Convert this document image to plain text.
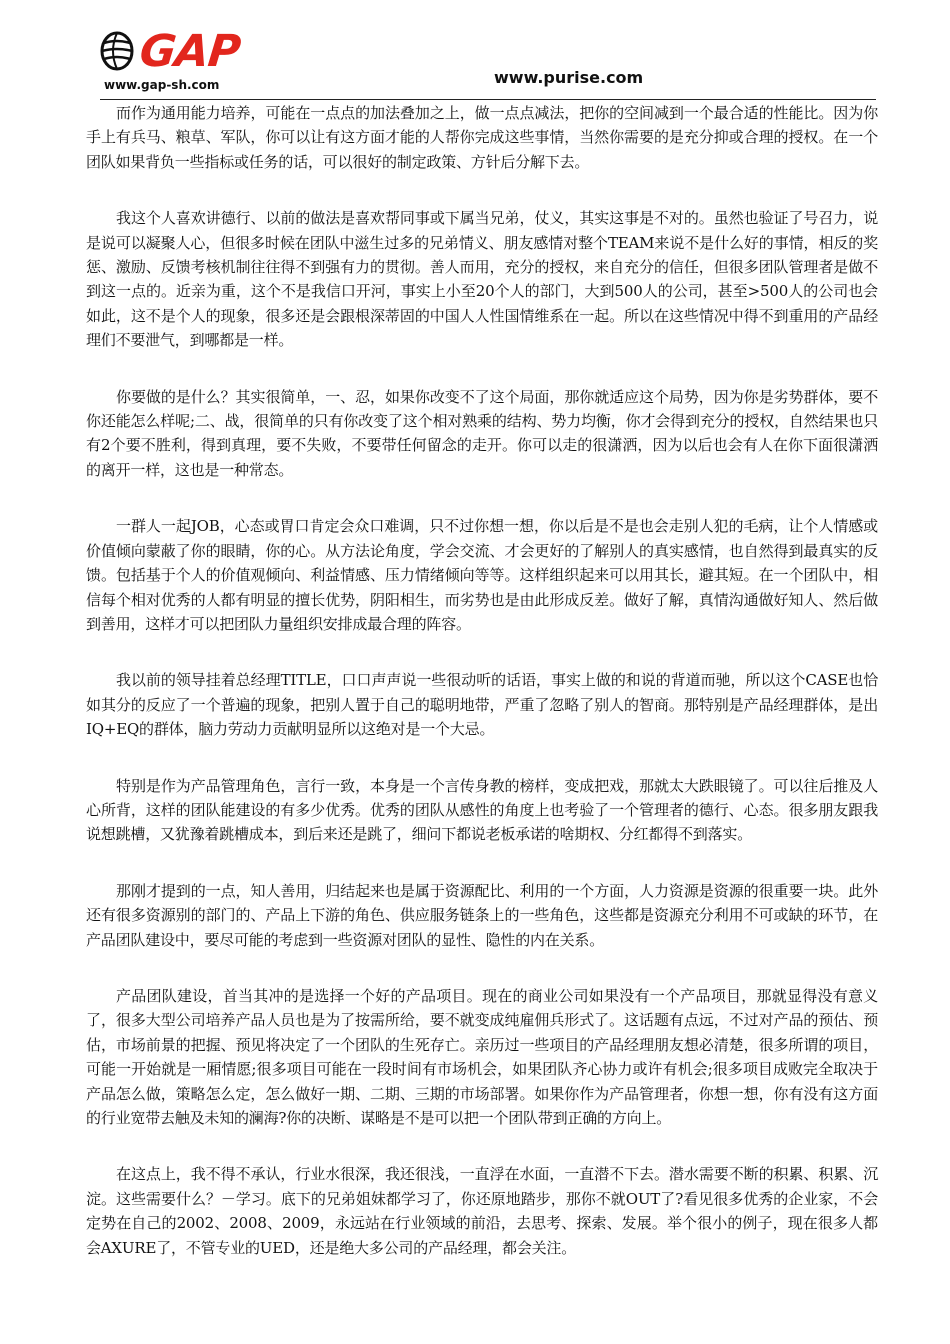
GAP
www.gap-sh.com	www.purise.com

而作为通用能力培养，可能在一点点的加法叠加之上，做一点点减法，把你的空间减到一个最合适的性能比。因为你手上有兵马、粮草、军队，你可以让有这方面才能的人帮你完成这些事情，当然你需要的是充分抑或合理的授权。在一个团队如果背负一些指标或任务的话，可以很好的制定政策、方针后分解下去。

我这个人喜欢讲德行、以前的做法是喜欢帮同事或下属当兄弟，仗义，其实这事是不对的。虽然也验证了号召力，说是说可以凝聚人心，但很多时候在团队中滋生过多的兄弟情义、朋友感情对整个TEAM来说不是什么好的事情，相反的奖惩、激励、反馈考核机制往往得不到强有力的贯彻。善人而用，充分的授权，来自充分的信任，但很多团队管理者是做不到这一点的。近亲为重，这个不是我信口开河，事实上小至20个人的部门，大到500人的公司，甚至>500人的公司也会如此，这不是个人的现象，很多还是会跟根深蒂固的中国人人性国情维系在一起。所以在这些情况中得不到重用的产品经理们不要泄气，到哪都是一样。

你要做的是什么？其实很简单，一、忍，如果你改变不了这个局面，那你就适应这个局势，因为你是劣势群体，要不你还能怎么样呢;二、战，很简单的只有你改变了这个相对熟乘的结构、势力均衡，你才会得到充分的授权，自然结果也只有2个要不胜利，得到真理，要不失败，不要带任何留念的走开。你可以走的很潇洒，因为以后也会有人在你下面很潇洒的离开一样，这也是一种常态。

一群人一起JOB，心态或胃口肯定会众口难调，只不过你想一想，你以后是不是也会走别人犯的毛病，让个人情感或价值倾向蒙蔽了你的眼睛，你的心。从方法论角度，学会交流、才会更好的了解别人的真实感情，也自然得到最真实的反馈。包括基于个人的价值观倾向、利益情感、压力情绪倾向等等。这样组织起来可以用其长，避其短。在一个团队中，相信每个相对优秀的人都有明显的擅长优势，阴阳相生，而劣势也是由此形成反差。做好了解，真情沟通做好知人、然后做到善用，这样才可以把团队力量组织安排成最合理的阵容。

我以前的领导挂着总经理TITLE，口口声声说一些很动听的话语，事实上做的和说的背道而驰，所以这个CASE也恰如其分的反应了一个普遍的现象，把别人置于自己的聪明地带，严重了忽略了别人的智商。那特别是产品经理群体，是出IQ+EQ的群体，脑力劳动力贡献明显所以这绝对是一个大忌。

特别是作为产品管理角色，言行一致，本身是一个言传身教的榜样，变成把戏，那就太大跌眼镜了。可以往后推及人心所背，这样的团队能建设的有多少优秀。优秀的团队从感性的角度上也考验了一个管理者的德行、心态。很多朋友跟我说想跳槽，又犹豫着跳槽成本，到后来还是跳了，细问下都说老板承诺的啥期权、分红都得不到落实。

那刚才提到的一点，知人善用，归结起来也是属于资源配比、利用的一个方面，人力资源是资源的很重要一块。此外还有很多资源别的部门的、产品上下游的角色、供应服务链条上的一些角色，这些都是资源充分利用不可或缺的环节，在产品团队建设中，要尽可能的考虑到一些资源对团队的显性、隐性的内在关系。

产品团队建设，首当其冲的是选择一个好的产品项目。现在的商业公司如果没有一个产品项目，那就显得没有意义了，很多大型公司培养产品人员也是为了按需所给，要不就变成纯雇佣兵形式了。这话题有点远，不过对产品的预估、预估，市场前景的把握、预见将决定了一个团队的生死存亡。亲历过一些项目的产品经理朋友想必清楚，很多所谓的项目，可能一开始就是一厢情愿;很多项目可能在一段时间有市场机会，如果团队齐心协力或许有机会;很多项目成败完全取决于产品怎么做，策略怎么定，怎么做好一期、二期、三期的市场部署。如果你作为产品管理者，你想一想，你有没有这方面的行业宽带去触及未知的澜海?你的决断、谋略是不是可以把一个团队带到正确的方向上。

在这点上，我不得不承认，行业水很深，我还很浅，一直浮在水面，一直潜不下去。潜水需要不断的积累、积累、沉淀。这些需要什么？－学习。底下的兄弟姐妹都学习了，你还原地踏步，那你不就OUT了?看见很多优秀的企业家，不会定势在自己的2002、2008、2009，永远站在行业领域的前沿，去思考、探索、发展。举个很小的例子，现在很多人都会AXURE了，不管专业的UED，还是绝大多公司的产品经理，都会关注。
